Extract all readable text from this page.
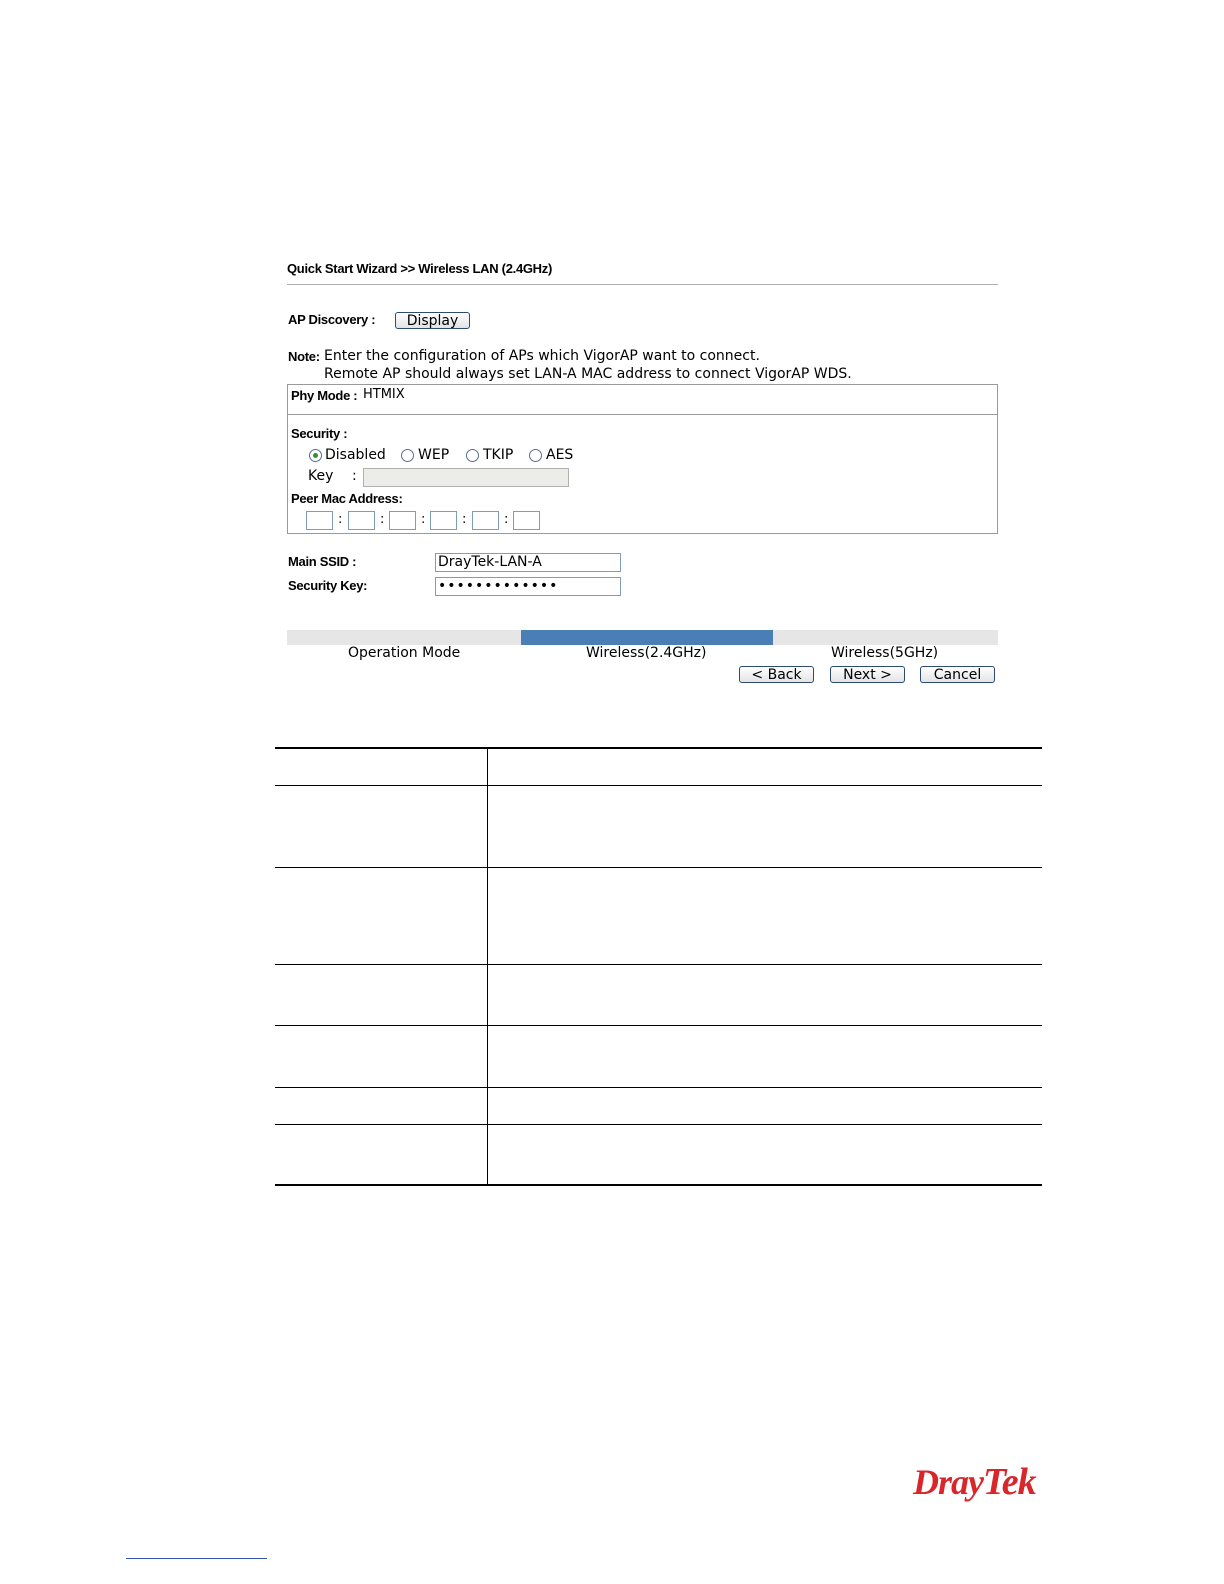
Quick Start Wizard >> Wireless LAN (2.4GHz)
AP Discovery :	Display
Note: Enter the configuration of APs which VigorAP want to connect.
Remote AP should always set LAN-A MAC address to connect VigorAP WDS.
Phy Mode : HTMIX
Security :
Disabled WEP TKIP AES
Key :
Peer Mac Address:
:	:	:	:	:
Main SSID :	DrayTek-LAN-A
Security Key:	•••••••••••••
Operation Mode	Wireless(2.4GHz)	Wireless(5GHz)
< Back	Next >	Cancel
DrayTek
